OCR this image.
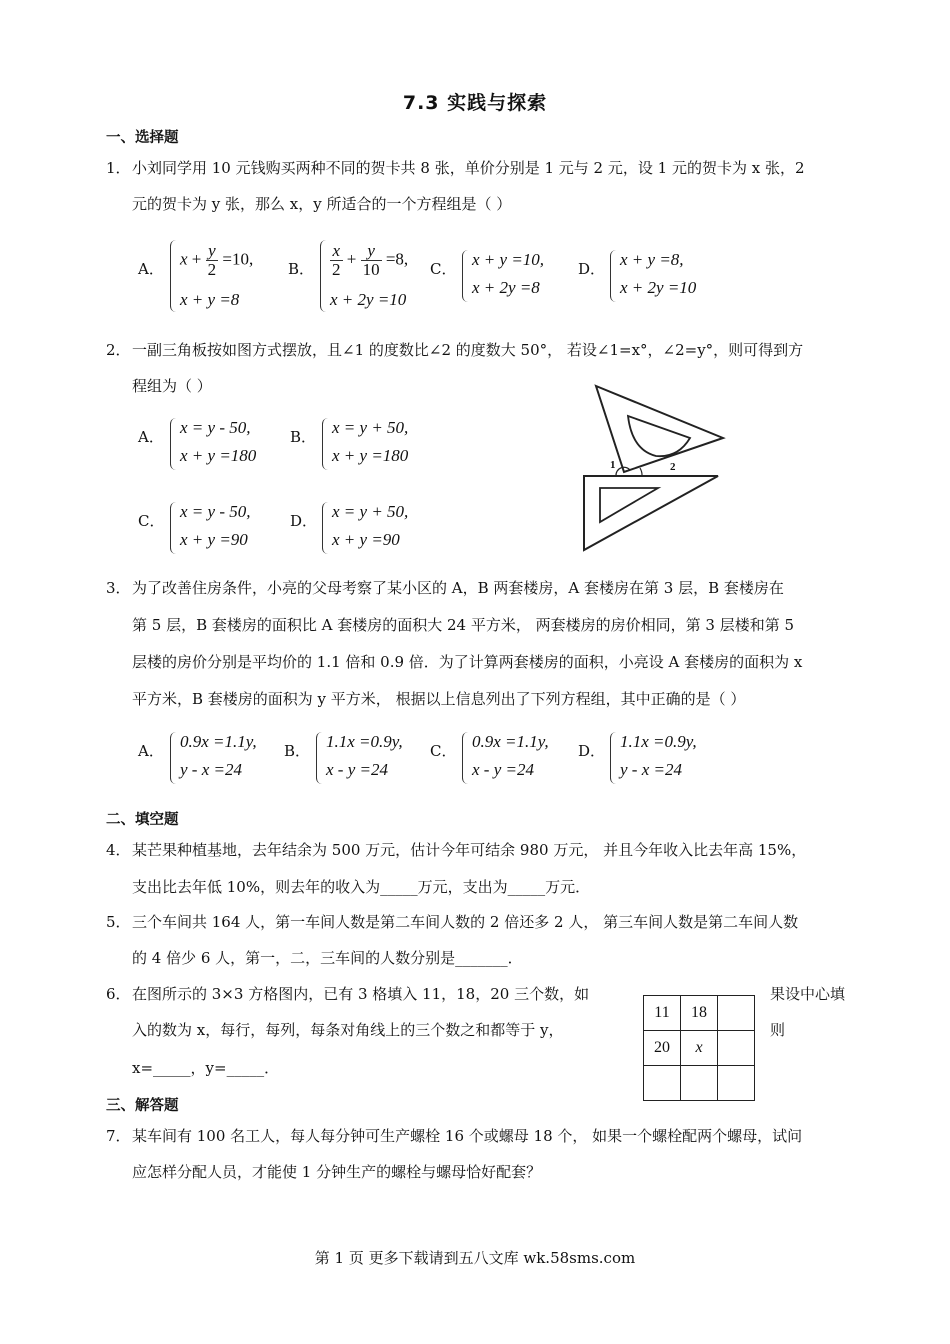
7.3 实践与探索
一、选择题
1． 小刘同学用 10 元钱购买两种不同的贺卡共 8 张，单价分别是 1 元与 2 元，设 1 元的贺卡为 x 张，2
元的贺卡为 y 张，那么 x，y 所适合的一个方程组是（ ）
A．
$x + \frac{y}{2} =10$,
x + y =8
B． $\frac{x}{2} + \frac{y}{10} =8$,
x + 2y =10
C． x + y =10,
x + 2y =8
D． x + y =8,
x + 2y =10
2． 一副三角板按如图方式摆放，且∠1 的度数比∠2 的度数大 50°， 若设∠1=x°，∠2=y°，则可得到方
程组为（ ）
A． x = y - 50,
x + y =180
B． x = y + 50,
x + y =180
C． x = y - 50,
x + y =90
D． x = y + 50,
x + y =90
1	2
3． 为了改善住房条件，小亮的父母考察了某小区的 A，B 两套楼房，A 套楼房在第 3 层，B 套楼房在
第 5 层，B 套楼房的面积比 A 套楼房的面积大 24 平方米， 两套楼房的房价相同，第 3 层楼和第 5
层楼的房价分别是平均价的 1.1 倍和 0.9 倍．为了计算两套楼房的面积，小亮设 A 套楼房的面积为 x
平方米，B 套楼房的面积为 y 平方米， 根据以上信息列出了下列方程组，其中正确的是（ ）
A． 0.9x =1.1y,
y - x =24
B． 1.1x =0.9y,
x - y =24
C． 0.9x =1.1y,
x - y =24
D． 1.1x =0.9y,
y - x =24
二、填空题
4． 某芒果种植基地，去年结余为 500 万元，估计今年可结余 980 万元， 并且今年收入比去年高 15%，
支出比去年低 10%，则去年的收入为_____万元，支出为_____万元．
5． 三个车间共 164 人，第一车间人数是第二车间人数的 2 倍还多 2 人， 第三车间人数是第二车间人数
的 4 倍少 6 人，第一，二，三车间的人数分别是_______．
6． 在图所示的 3×3 方格图内，已有 3 格填入 11，18，20 三个数，如	果设中心填
入的数为 x，每行，每列，每条对角线上的三个数之和都等于 y，	则
x=_____，y=_____．
11	18	
20	x	

三、解答题
7． 某车间有 100 名工人，每人每分钟可生产螺栓 16 个或螺母 18 个， 如果一个螺栓配两个螺母，试问
应怎样分配人员，才能使 1 分钟生产的螺栓与螺母恰好配套？
第 1 页 更多下载请到五八文库 wk.58sms.com
